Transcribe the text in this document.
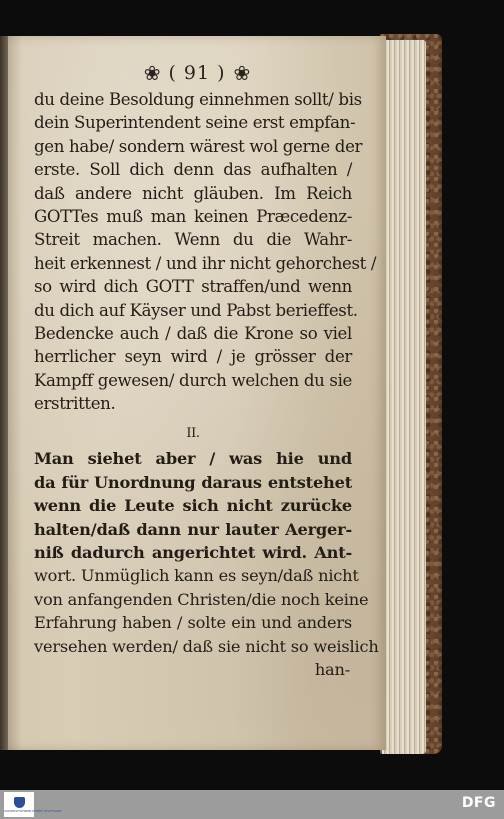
❀ ( 91 ) ❀
du deine Besoldung einnehmen sollt/ bis
dein Superintendent seine erst empfan-
gen habe/ sondern wärest wol gerne der
erste. Soll dich denn das aufhalten /
daß andere nicht gläuben. Im Reich
GOTTes muß man keinen Præcedenz-
Streit machen. Wenn du die Wahr-
heit erkennest / und ihr nicht gehorchest /
so wird dich GOTT straffen/und wenn
du dich auf Käyser und Pabst berieffest.
Bedencke auch / daß die Krone so viel
herrlicher seyn wird / je grösser der
Kampff gewesen/ durch welchen du sie
erstritten.
II.
Man siehet aber / was hie und
da für Unordnung daraus entstehet
wenn die Leute sich nicht zurücke
halten/daß dann nur lauter Aerger-
niß dadurch angerichtet wird. Ant-
wort. Unmüglich kann es seyn/daß nicht
von anfangenden Christen/die noch keine
Erfahrung haben / solte ein und anders
versehen werden/ daß sie nicht so weislich
han-
UNIVERSITÄTSBIBLIOTHEK STUTTGART	DFG
